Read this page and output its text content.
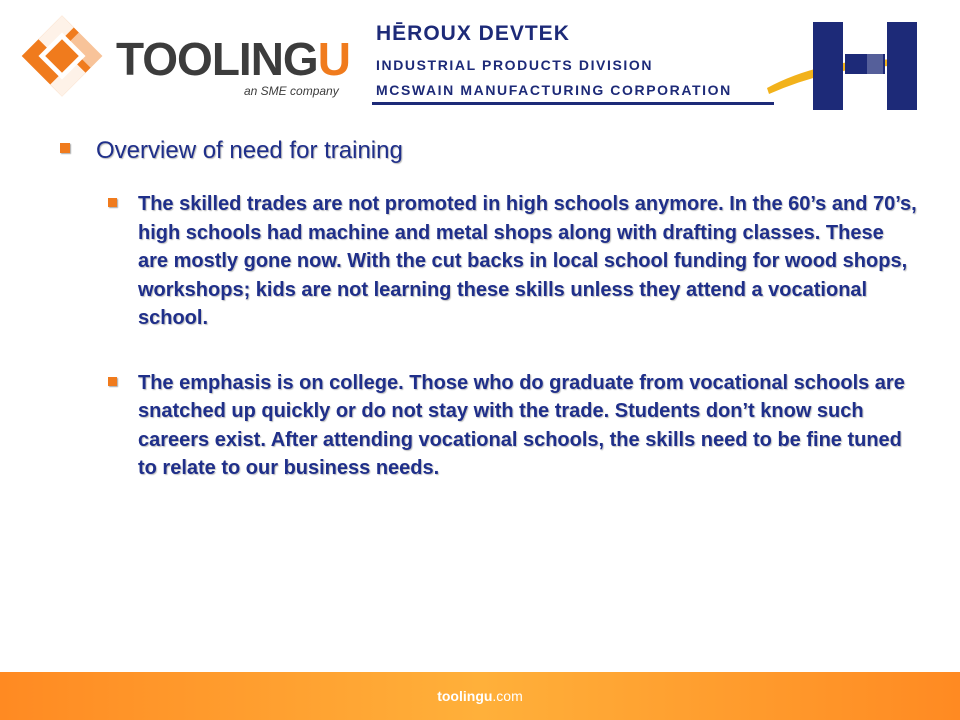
TOOLINGU
an SME company

HĒROUX DEVTEK

INDUSTRIAL PRODUCTS DIVISION

MCSWAIN MANUFACTURING CORPORATION

Overview of need for training

The skilled trades are not promoted in high schools anymore. In the 60’s and 70’s, high schools had machine and metal shops along with drafting classes. These are mostly gone now. With the cut backs in local school funding for wood shops, workshops; kids are not learning these skills unless they attend a vocational school.

The emphasis is on college. Those who do graduate from vocational schools are snatched up quickly or do not stay with the trade. Students don’t know such careers exist. After attending vocational schools, the skills need to be fine tuned to relate to our business needs.

toolingu.com
